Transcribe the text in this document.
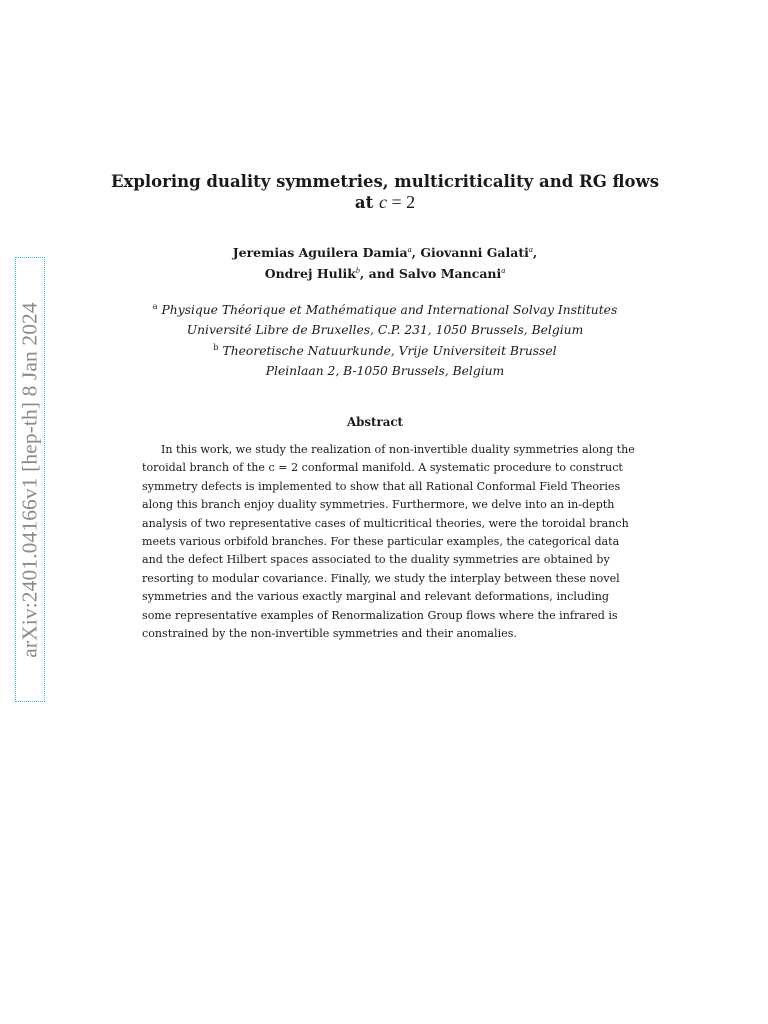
arXiv:2401.04166v1 [hep-th] 8 Jan 2024
Exploring duality symmetries, multicriticality and RG flows
at c = 2
Jeremias Aguilera Damia$^a$, Giovanni Galati$^a$,
Ondrej Hulik$^b$, and Salvo Mancani$^a$
$^a$ Physique Théorique et Mathématique and International Solvay Institutes
Université Libre de Bruxelles, C.P. 231, 1050 Brussels, Belgium
$^b$ Theoretische Natuurkunde, Vrije Universiteit Brussel
Pleinlaan 2, B-1050 Brussels, Belgium
Abstract
In this work, we study the realization of non-invertible duality symmetries along the
toroidal branch of the c = 2 conformal manifold. A systematic procedure to construct
symmetry defects is implemented to show that all Rational Conformal Field Theories
along this branch enjoy duality symmetries. Furthermore, we delve into an in-depth
analysis of two representative cases of multicritical theories, were the toroidal branch
meets various orbifold branches. For these particular examples, the categorical data
and the defect Hilbert spaces associated to the duality symmetries are obtained by
resorting to modular covariance. Finally, we study the interplay between these novel
symmetries and the various exactly marginal and relevant deformations, including
some representative examples of Renormalization Group flows where the infrared is
constrained by the non-invertible symmetries and their anomalies.
